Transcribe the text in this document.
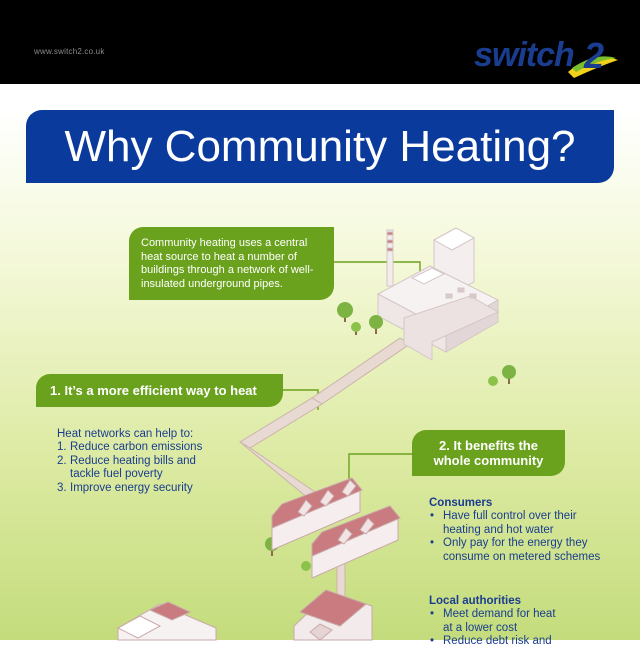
www.switch2.co.uk	switch 2
Why Community Heating?
Community heating uses a central heat source to heat a number of buildings through a network of well-insulated underground pipes.
1. It’s a more efficient way to heat
Heat networks can help to:
1. Reduce carbon emissions
2. Reduce heating bills and
tackle fuel poverty
3. Improve energy security
2. It benefits the
whole community
Consumers
• Have full control over their
heating and hot water
• Only pay for the energy they
consume on metered schemes
Local authorities
• Meet demand for heat
at a lower cost
• Reduce debt risk and
